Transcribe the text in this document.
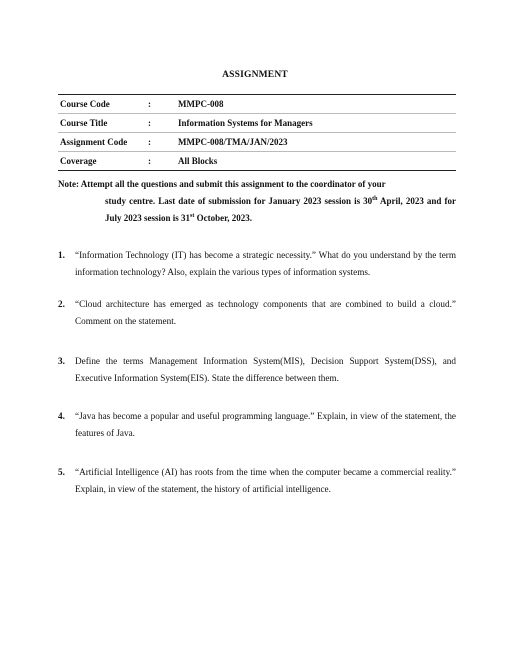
ASSIGNMENT
Course Code	:	MMPC-008
Course Title	:	Information Systems for Managers
Assignment Code	:	MMPC-008/TMA/JAN/2023
Coverage	:	All Blocks
Note: Attempt all the questions and submit this assignment to the coordinator of your
study centre. Last date of submission for January 2023 session is 30th April, 2023 and for July 2023 session is 31st October, 2023.
1.	“Information Technology (IT) has become a strategic necessity.” What do you understand by the term information technology? Also, explain the various types of information systems.
2.	“Cloud architecture has emerged as technology components that are combined to build a cloud.” Comment on the statement.
3.	Define the terms Management Information System(MIS), Decision Support System(DSS), and Executive Information System(EIS). State the difference between them.
4.	“Java has become a popular and useful programming language.” Explain, in view of the statement, the features of Java.
5.	“Artificial Intelligence (AI) has roots from the time when the computer became a commercial reality.” Explain, in view of the statement, the history of artificial intelligence.
